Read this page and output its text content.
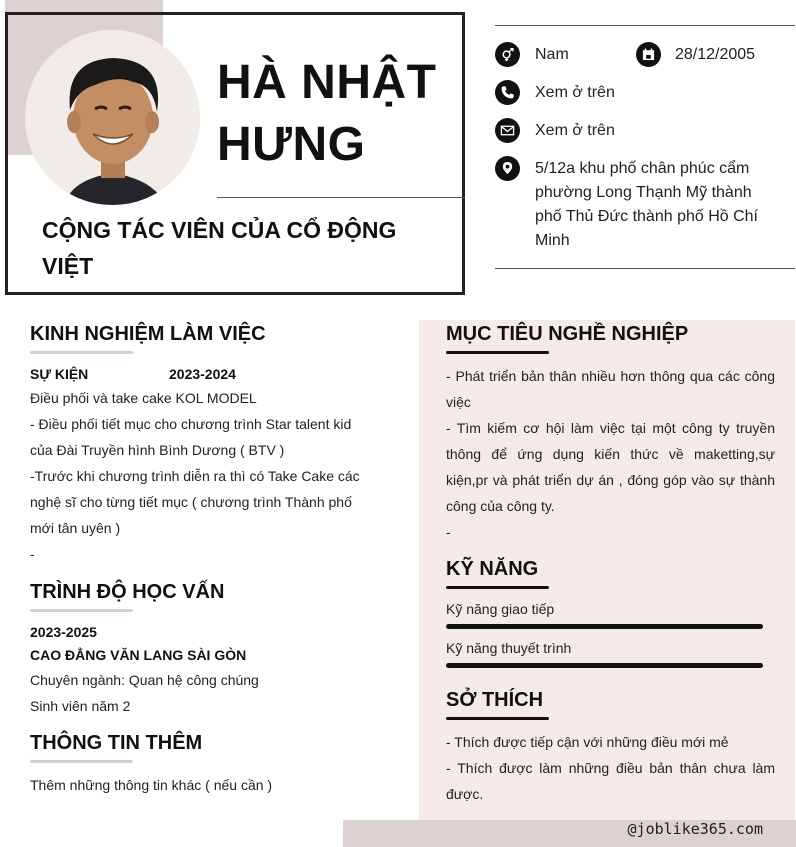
HÀ NHẬT
HƯNG
CỘNG TÁC VIÊN CỦA CỔ ĐỘNG
VIỆT
Nam	28/12/2005
Xem ở trên
Xem ở trên
5/12a khu phố chân phúc cẩm
phường Long Thạnh Mỹ thành
phố Thủ Đức thành phố Hồ Chí
Minh
KINH NGHIỆM LÀM VIỆC
SỰ KIỆN	2023-2024
Điều phối và take cake KOL MODEL
- Điều phối tiết mục cho chương trình Star talent kid
của Đài Truyền hình Bình Dương ( BTV )
-Trước khi chương trình diễn ra thì có Take Cake các
nghệ sĩ cho từng tiết mục ( chương trình Thành phố
mới tân uyên )
-
TRÌNH ĐỘ HỌC VẤN
2023-2025
CAO ĐẲNG VĂN LANG SÀI GÒN
Chuyên ngành: Quan hệ công chúng
Sinh viên năm 2
THÔNG TIN THÊM
Thêm những thông tin khác ( nếu cần )
MỤC TIÊU NGHỀ NGHIỆP
- Phát triển bản thân nhiều hơn thông qua các công việc
- Tìm kiếm cơ hội làm việc tại một công ty truyền thông để ứng dụng kiến thức về maketting,sự kiện,pr và phát triển dự án , đóng góp vào sự thành công của công ty.
-
KỸ NĂNG
Kỹ năng giao tiếp
Kỹ năng thuyết trình
SỞ THÍCH
- Thích được tiếp cận với những điều mới mẻ
- Thích được làm những điều bản thân chưa làm được.
@joblike365.com
